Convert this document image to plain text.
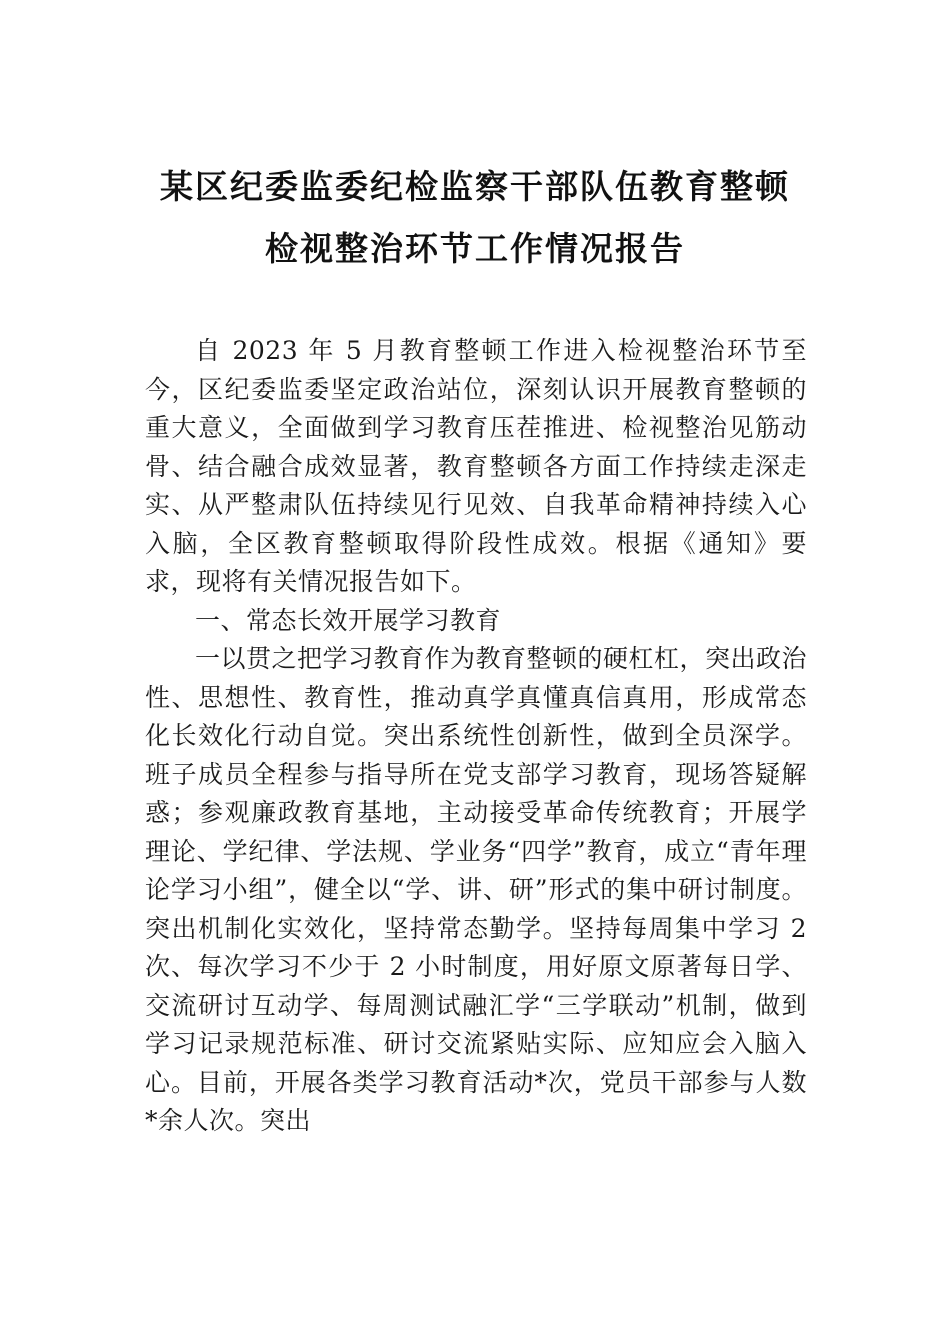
某区纪委监委纪检监察干部队伍教育整顿
检视整治环节工作情况报告

自 2023 年 5 月教育整顿工作进入检视整治环节至今，区纪委监委坚定政治站位，深刻认识开展教育整顿的重大意义，全面做到学习教育压茬推进、检视整治见筋动骨、结合融合成效显著，教育整顿各方面工作持续走深走实、从严整肃队伍持续见行见效、自我革命精神持续入心入脑，全区教育整顿取得阶段性成效。根据《通知》要求，现将有关情况报告如下。

一、常态长效开展学习教育

一以贯之把学习教育作为教育整顿的硬杠杠，突出政治性、思想性、教育性，推动真学真懂真信真用，形成常态化长效化行动自觉。突出系统性创新性，做到全员深学。班子成员全程参与指导所在党支部学习教育，现场答疑解惑；参观廉政教育基地，主动接受革命传统教育；开展学理论、学纪律、学法规、学业务“四学”教育，成立“青年理论学习小组”，健全以“学、讲、研”形式的集中研讨制度。突出机制化实效化，坚持常态勤学。坚持每周集中学习 2 次、每次学习不少于 2 小时制度，用好原文原著每日学、交流研讨互动学、每周测试融汇学“三学联动”机制，做到学习记录规范标准、研讨交流紧贴实际、应知应会入脑入心。目前，开展各类学习教育活动*次，党员干部参与人数*余人次。突出
